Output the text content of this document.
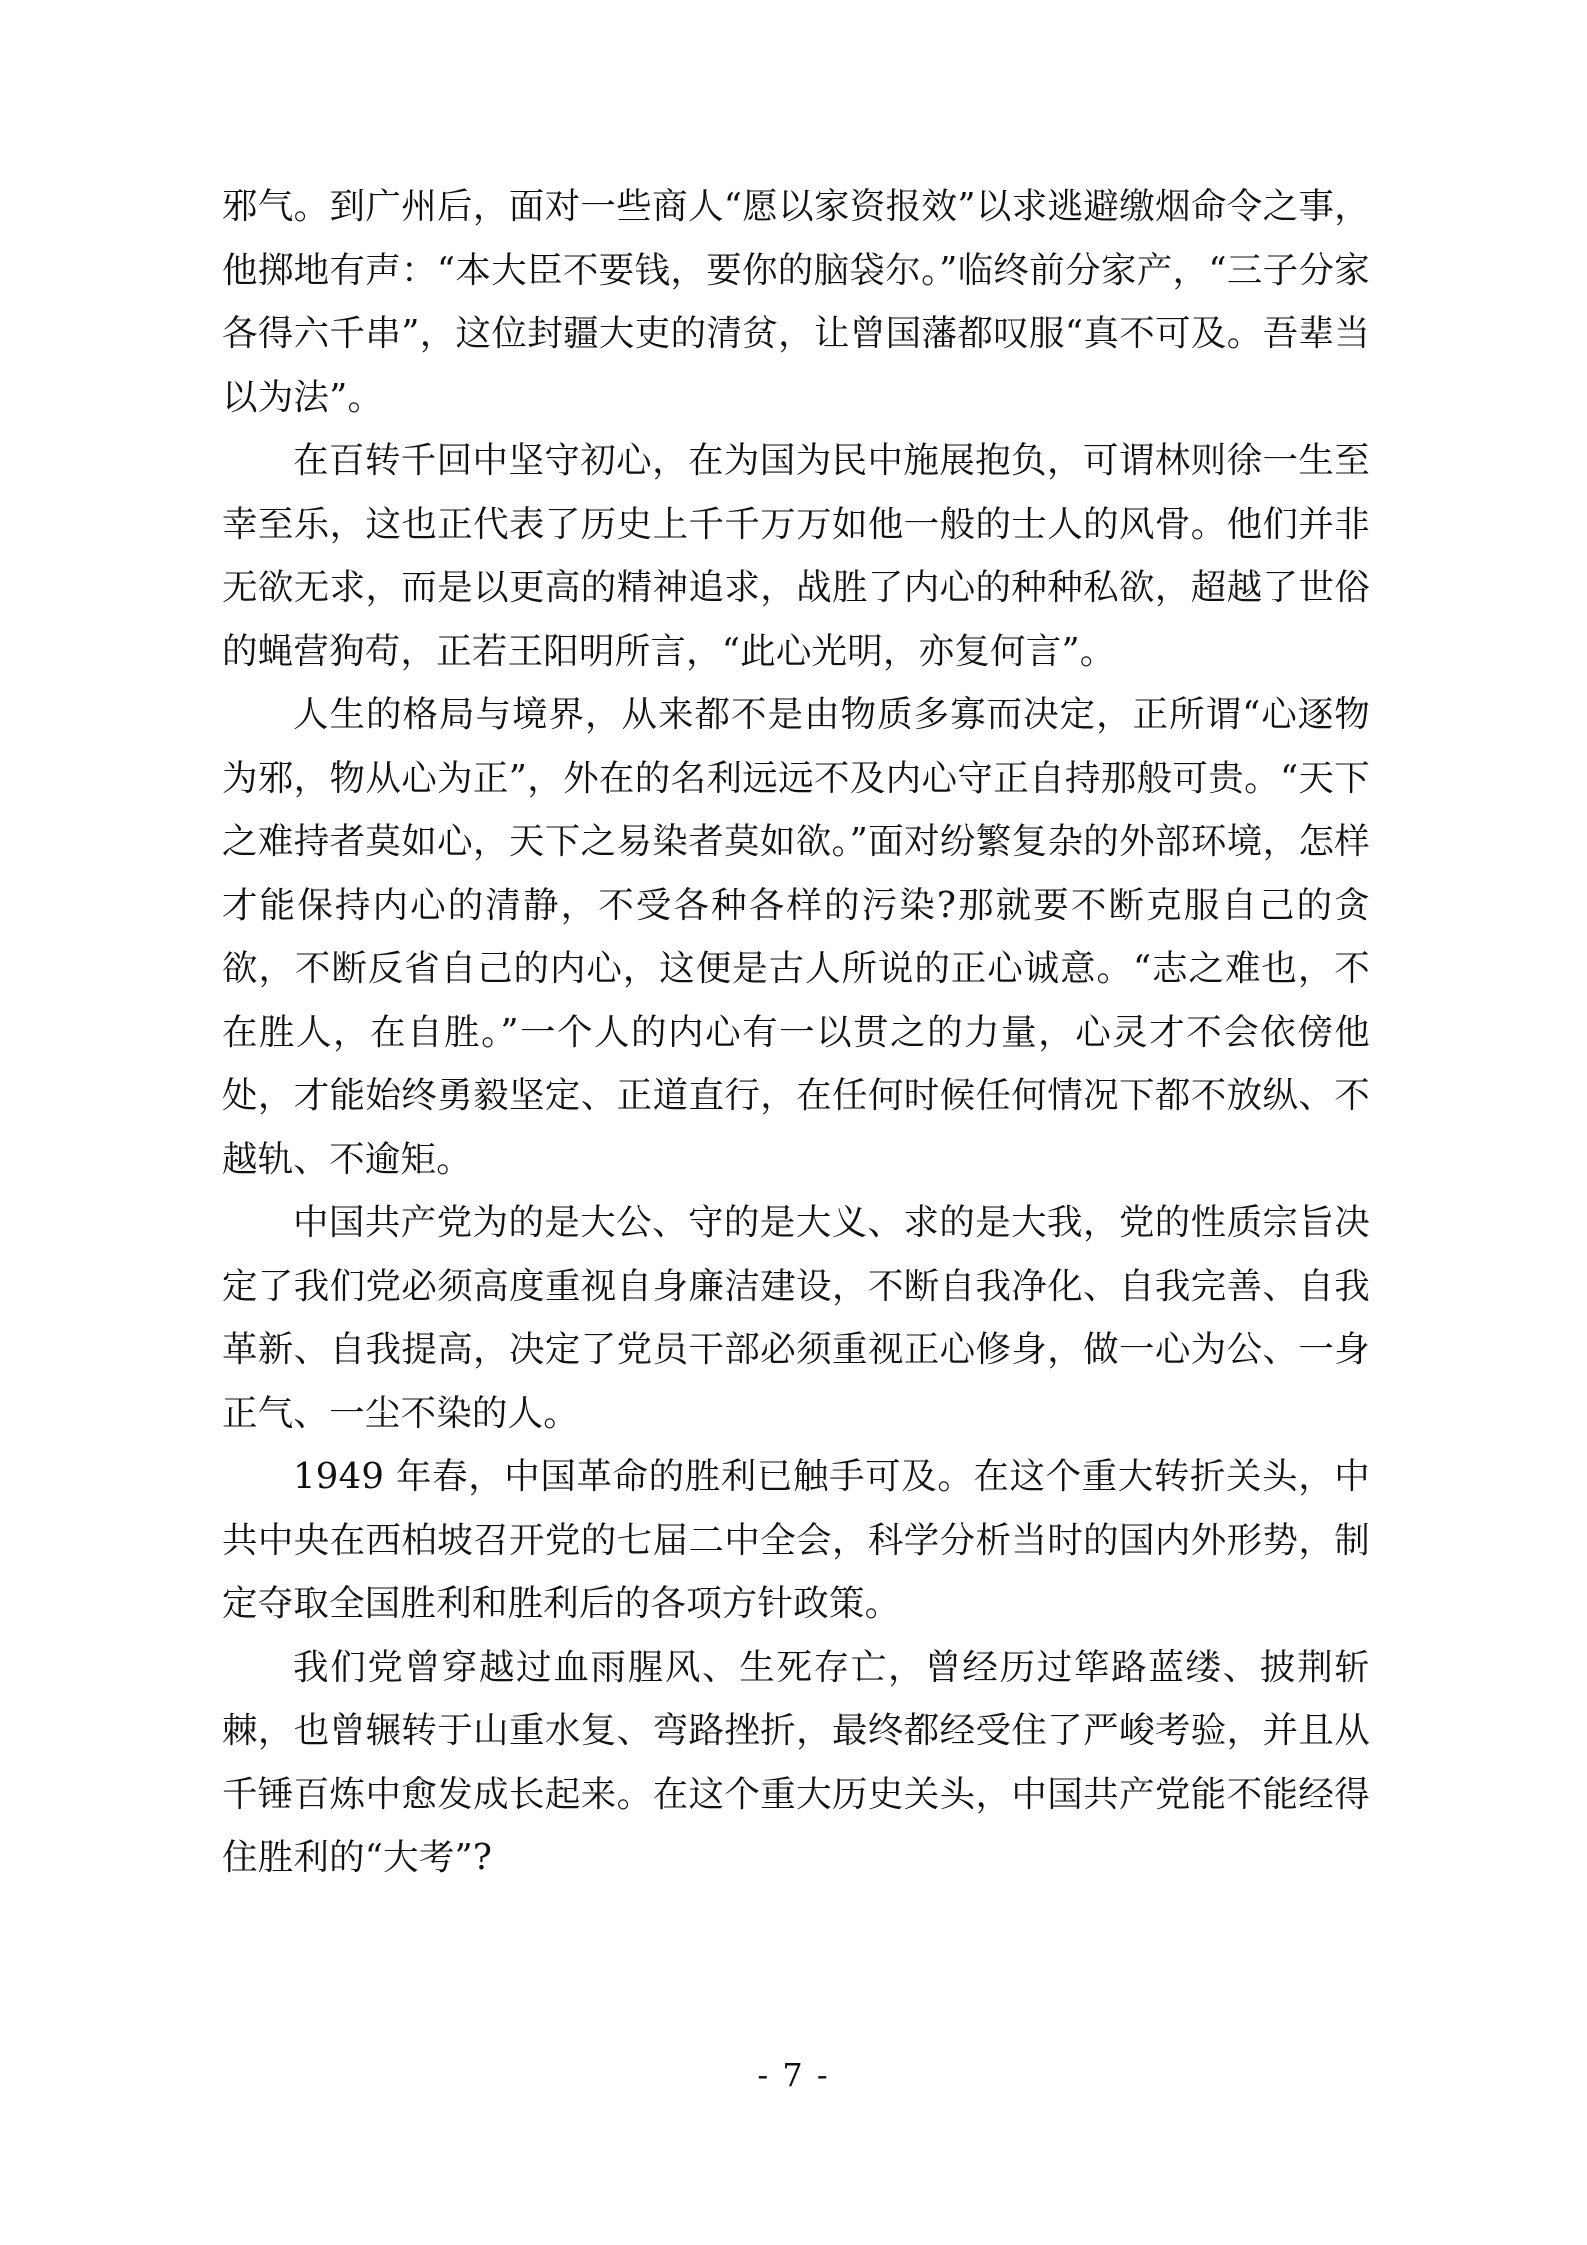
邪气。到广州后，面对一些商人“愿以家资报效”以求逃避缴烟命令之事，他掷地有声：“本大臣不要钱，要你的脑袋尔。”临终前分家产，“三子分家各得六千串”，这位封疆大吏的清贫，让曾国藩都叹服“真不可及。吾辈当以为法”。

在百转千回中坚守初心，在为国为民中施展抱负，可谓林则徐一生至幸至乐，这也正代表了历史上千千万万如他一般的士人的风骨。他们并非无欲无求，而是以更高的精神追求，战胜了内心的种种私欲，超越了世俗的蝇营狗苟，正若王阳明所言，“此心光明，亦复何言”。

人生的格局与境界，从来都不是由物质多寡而决定，正所谓“心逐物为邪，物从心为正”，外在的名利远远不及内心守正自持那般可贵。“天下之难持者莫如心，天下之易染者莫如欲。”面对纷繁复杂的外部环境，怎样才能保持内心的清静，不受各种各样的污染?那就要不断克服自己的贪欲，不断反省自己的内心，这便是古人所说的正心诚意。“志之难也，不在胜人，在自胜。”一个人的内心有一以贯之的力量，心灵才不会依傍他处，才能始终勇毅坚定、正道直行，在任何时候任何情况下都不放纵、不越轨、不逾矩。

中国共产党为的是大公、守的是大义、求的是大我，党的性质宗旨决定了我们党必须高度重视自身廉洁建设，不断自我净化、自我完善、自我革新、自我提高，决定了党员干部必须重视正心修身，做一心为公、一身正气、一尘不染的人。

1949 年春，中国革命的胜利已触手可及。在这个重大转折关头，中共中央在西柏坡召开党的七届二中全会，科学分析当时的国内外形势，制定夺取全国胜利和胜利后的各项方针政策。

我们党曾穿越过血雨腥风、生死存亡，曾经历过筚路蓝缕、披荆斩棘，也曾辗转于山重水复、弯路挫折，最终都经受住了严峻考验，并且从千锤百炼中愈发成长起来。在这个重大历史关头，中国共产党能不能经得住胜利的“大考”?

- 7 -
